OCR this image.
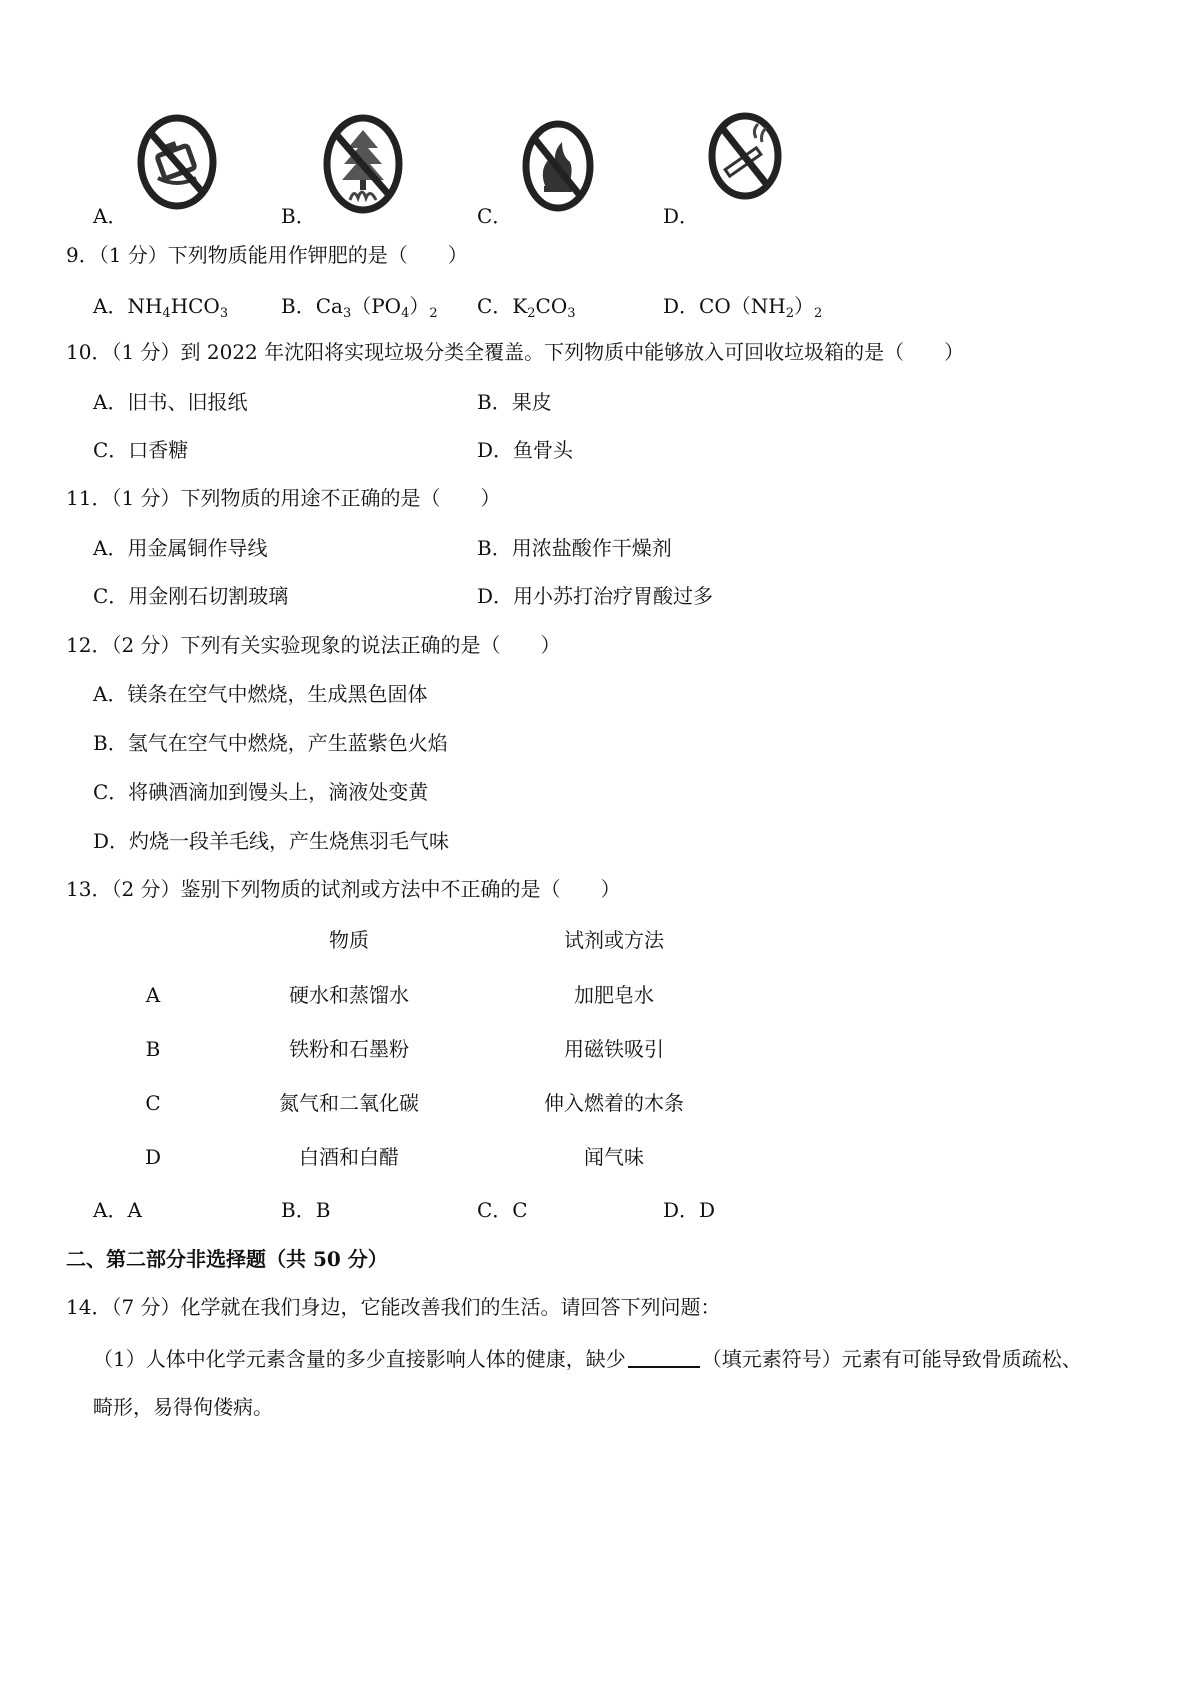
A．	B．	C．	D．
9．（1 分）下列物质能用作钾肥的是（　　）
A．$NH_4HCO_3$	B．$Ca_3(PO_4)_2$ C．$K_2CO_3$	D．$CO(NH_2)_2$
10．（1 分）到 2022 年沈阳将实现垃圾分类全覆盖。下列物质中能够放入可回收垃圾箱的是（　　）
A．旧书、旧报纸	B．果皮
C．口香糖	D．鱼骨头
11．（1 分）下列物质的用途不正确的是（　　）
A．用金属铜作导线	B．用浓盐酸作干燥剂
C．用金刚石切割玻璃	D．用小苏打治疗胃酸过多
12．（2 分）下列有关实验现象的说法正确的是（　　）
A．镁条在空气中燃烧，生成黑色固体
B．氢气在空气中燃烧，产生蓝紫色火焰
C．将碘酒滴加到馒头上，滴液处变黄
D．灼烧一段羊毛线，产生烧焦羽毛气味
13．（2 分）鉴别下列物质的试剂或方法中不正确的是（　　）
物质	试剂或方法
A	硬水和蒸馏水	加肥皂水
B	铁粉和石墨粉	用磁铁吸引
C	氮气和二氧化碳	伸入燃着的木条
D	白酒和白醋	闻气味
A．A	B．B	C．C	D．D
二、第二部分非选择题（共 50 分）
14．（7 分）化学就在我们身边，它能改善我们的生活。请回答下列问题：
（1）人体中化学元素含量的多少直接影响人体的健康，缺少	（填元素符号）元素有可能导致骨质疏松、
畸形，易得佝偻病。
